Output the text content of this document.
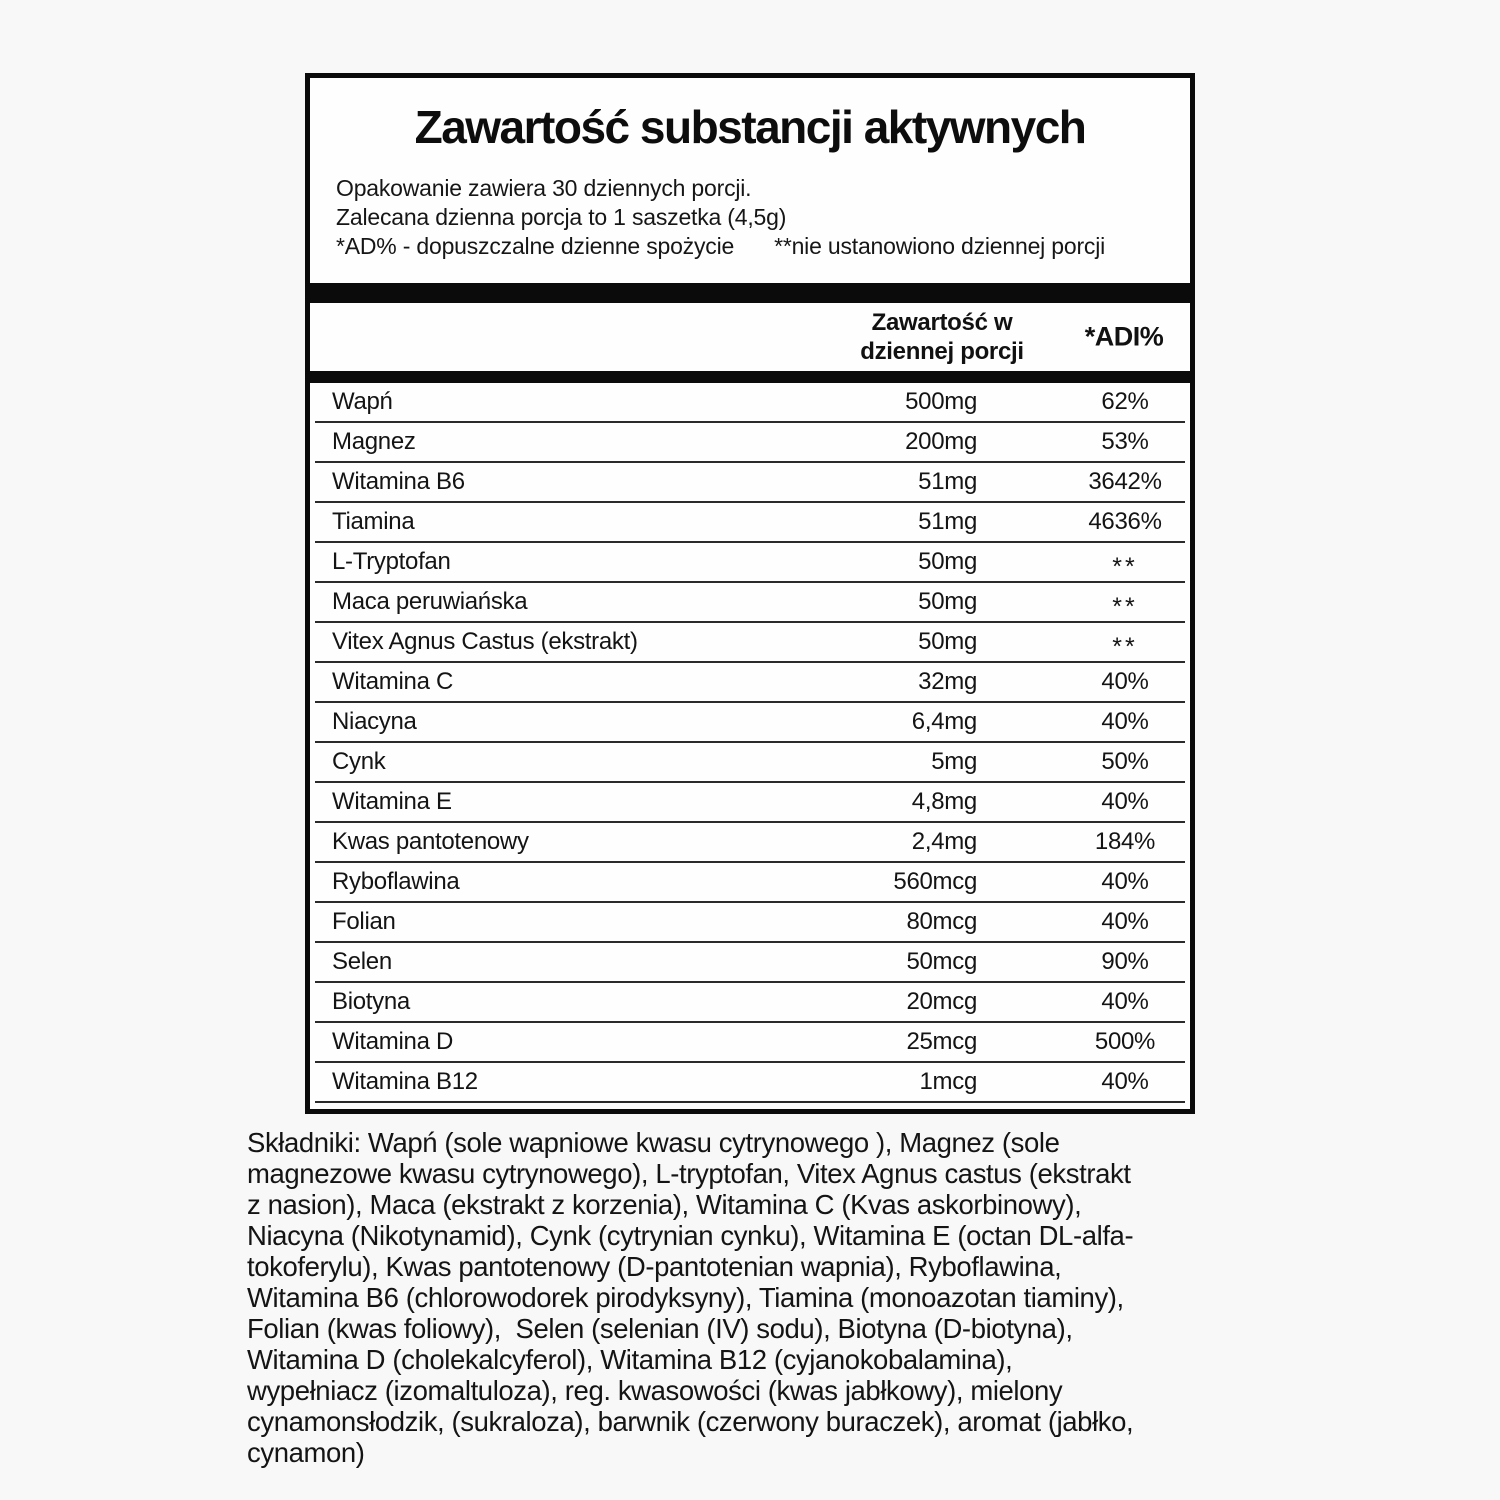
Zawartość substancji aktywnych
Opakowanie zawiera 30 dziennych porcji.
Zalecana dzienna porcja to 1 saszetka (4,5g)
*AD% - dopuszczalne dzienne spożycie **nie ustanowiono dziennej porcji
Zawartość w dziennej porcji	*ADI%
Wapń	500mg	62%
Magnez	200mg	53%
Witamina B6	51mg	3642%
Tiamina	51mg	4636%
L-Tryptofan	50mg	**
Maca peruwiańska	50mg	**
Vitex Agnus Castus (ekstrakt)	50mg	**
Witamina C	32mg	40%
Niacyna	6,4mg	40%
Cynk	5mg	50%
Witamina E	4,8mg	40%
Kwas pantotenowy	2,4mg	184%
Ryboflawina	560mcg	40%
Folian	80mcg	40%
Selen	50mcg	90%
Biotyna	20mcg	40%
Witamina D	25mcg	500%
Witamina B12	1mcg	40%
Składniki: Wapń (sole wapniowe kwasu cytrynowego ), Magnez (sole
magnezowe kwasu cytrynowego), L-tryptofan, Vitex Agnus castus (ekstrakt
z nasion), Maca (ekstrakt z korzenia), Witamina C (Kvas askorbinowy),
Niacyna (Nikotynamid), Cynk (cytrynian cynku), Witamina E (octan DL-alfa-
tokoferylu), Kwas pantotenowy (D-pantotenian wapnia), Ryboflawina,
Witamina B6 (chlorowodorek pirodyksyny), Tiamina (monoazotan tiaminy),
Folian (kwas foliowy),  Selen (selenian (IV) sodu), Biotyna (D-biotyna),
Witamina D (cholekalcyferol), Witamina B12 (cyjanokobalamina),
wypełniacz (izomaltuloza), reg. kwasowości (kwas jabłkowy), mielony
cynamonsłodzik, (sukraloza), barwnik (czerwony buraczek), aromat (jabłko,
cynamon)
